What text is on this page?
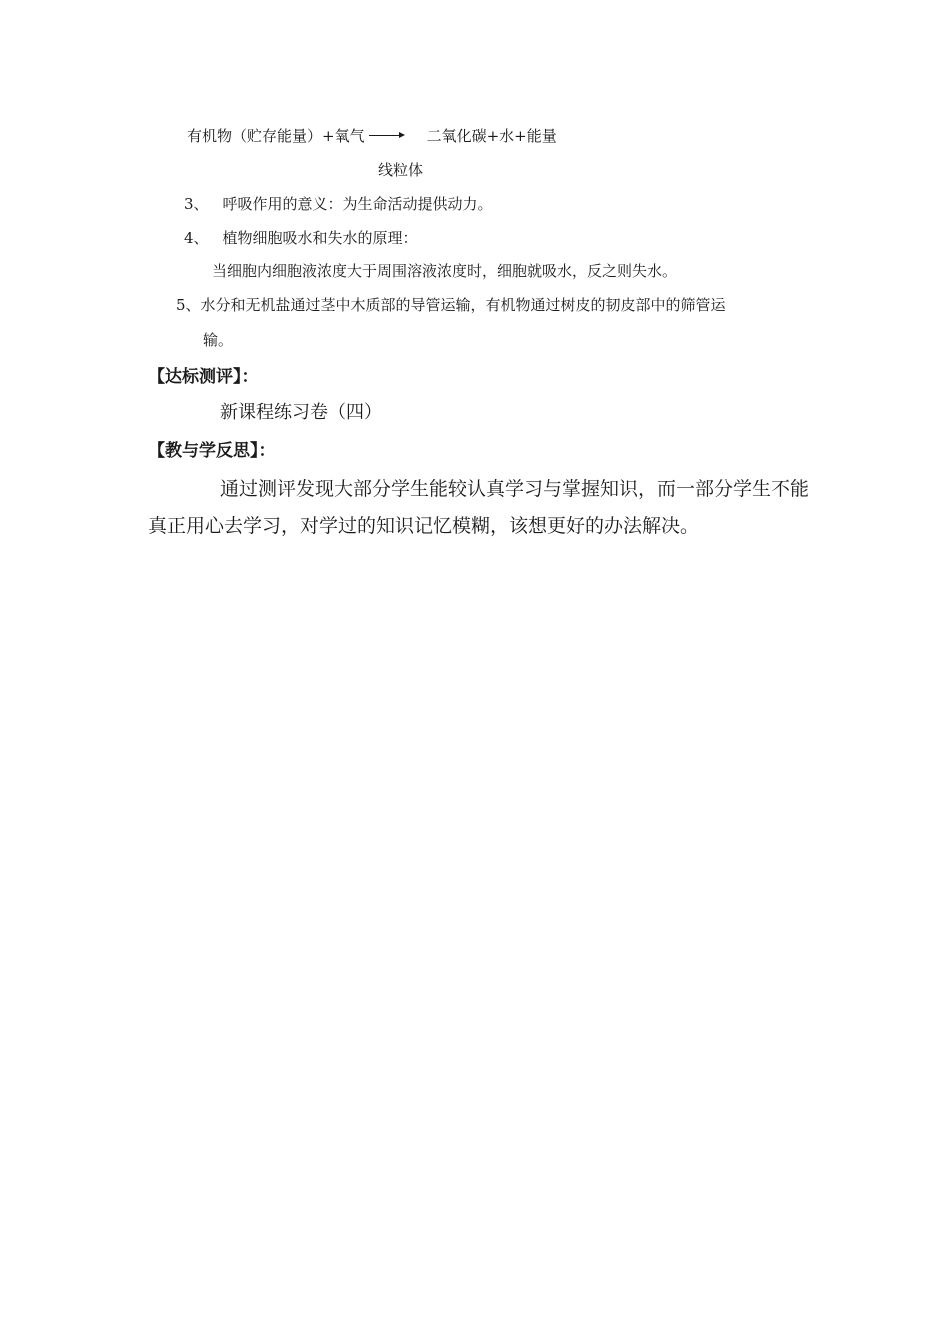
有机物（贮存能量）+氧气 → 二氧化碳+水+能量
线粒体
3、 呼吸作用的意义：为生命活动提供动力。
4、 植物细胞吸水和失水的原理：
当细胞内细胞液浓度大于周围溶液浓度时，细胞就吸水，反之则失水。
5、水分和无机盐通过茎中木质部的导管运输，有机物通过树皮的韧皮部中的筛管运
输。
【达标测评】：
新课程练习卷（四）
【教与学反思】：
通过测评发现大部分学生能较认真学习与掌握知识，而一部分学生不能
真正用心去学习，对学过的知识记忆模糊，该想更好的办法解决。
